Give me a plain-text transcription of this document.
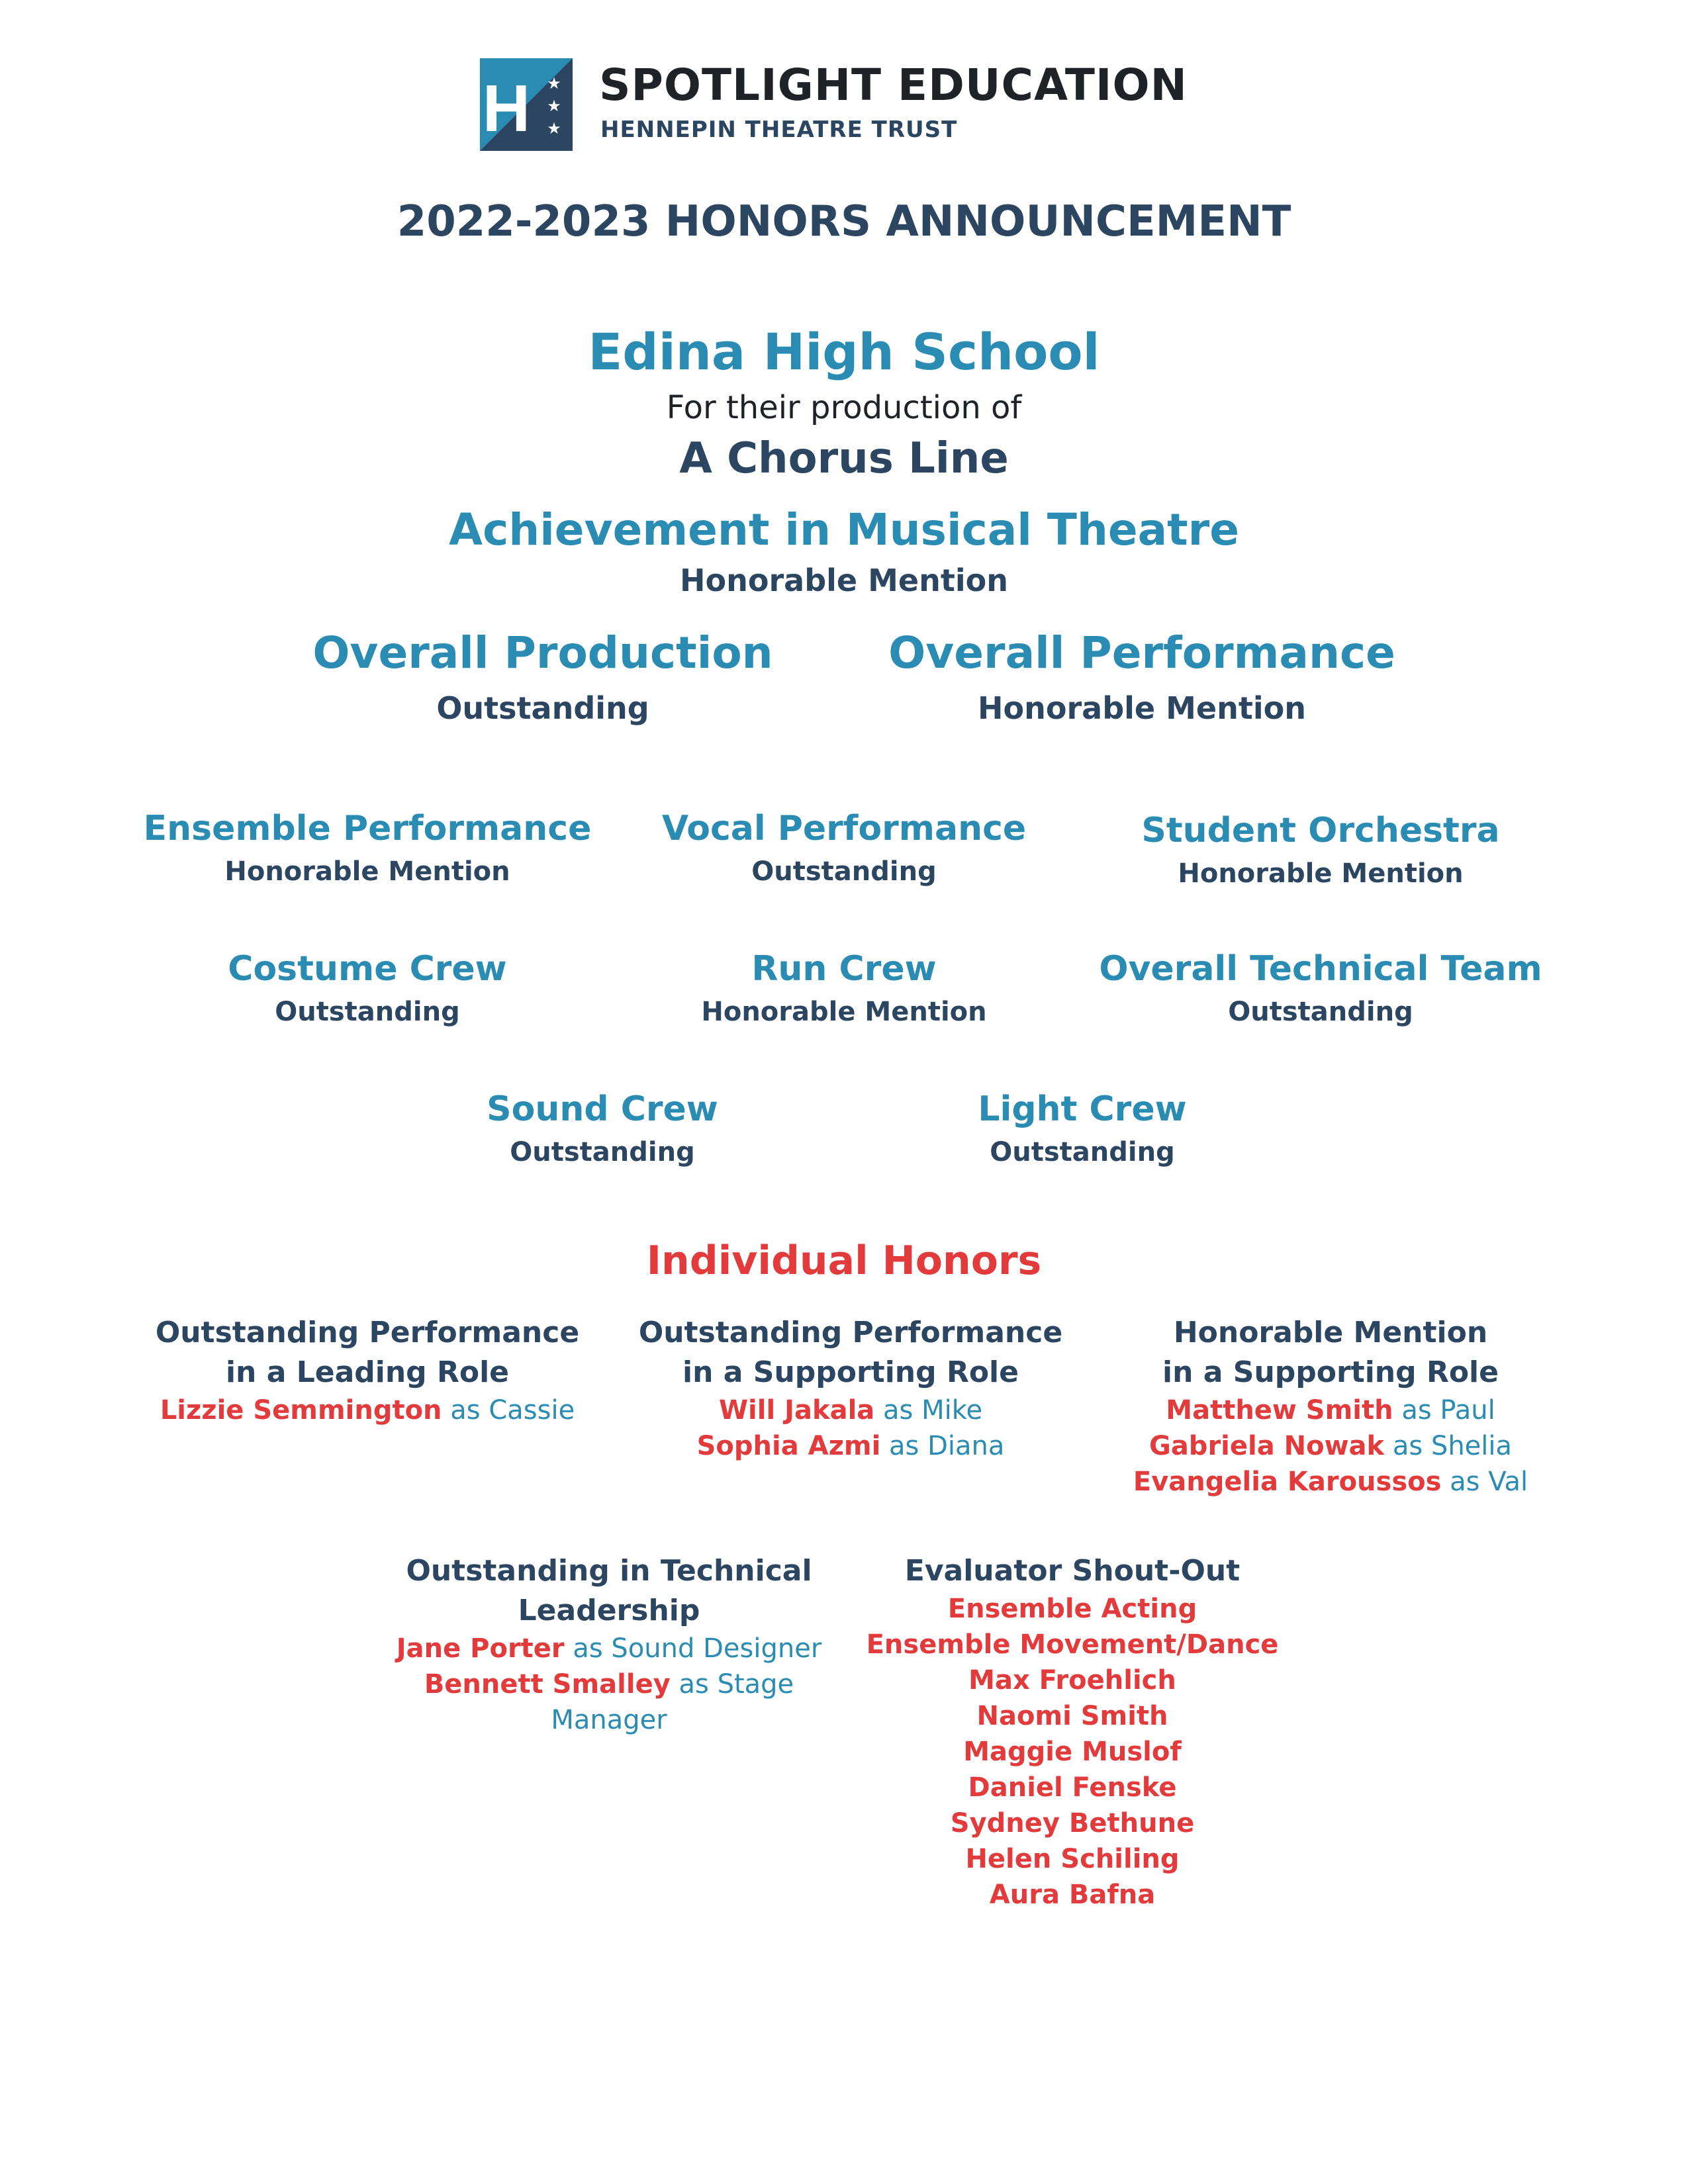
H ★
★
★
SPOTLIGHT EDUCATION
HENNEPIN THEATRE TRUST
2022-2023 HONORS ANNOUNCEMENT
Edina High School
For their production of
A Chorus Line
Achievement in Musical Theatre
Honorable Mention
Overall Production
Outstanding
Overall Performance
Honorable Mention
Ensemble Performance
Honorable Mention
Vocal Performance
Outstanding
Student Orchestra
Honorable Mention
Costume Crew
Outstanding
Run Crew
Honorable Mention
Overall Technical Team
Outstanding
Sound Crew
Outstanding
Light Crew
Outstanding
Individual Honors
Outstanding Performance
in a Leading Role
Lizzie Semmington as Cassie
Outstanding Performance
in a Supporting Role
Will Jakala as Mike
Sophia Azmi as Diana
Honorable Mention
in a Supporting Role
Matthew Smith as Paul
Gabriela Nowak as Shelia
Evangelia Karoussos as Val
Outstanding in Technical
Leadership
Jane Porter as Sound Designer
Bennett Smalley as Stage
Manager
Evaluator Shout-Out
Ensemble Acting
Ensemble Movement/Dance
Max Froehlich
Naomi Smith
Maggie Muslof
Daniel Fenske
Sydney Bethune
Helen Schiling
Aura Bafna
